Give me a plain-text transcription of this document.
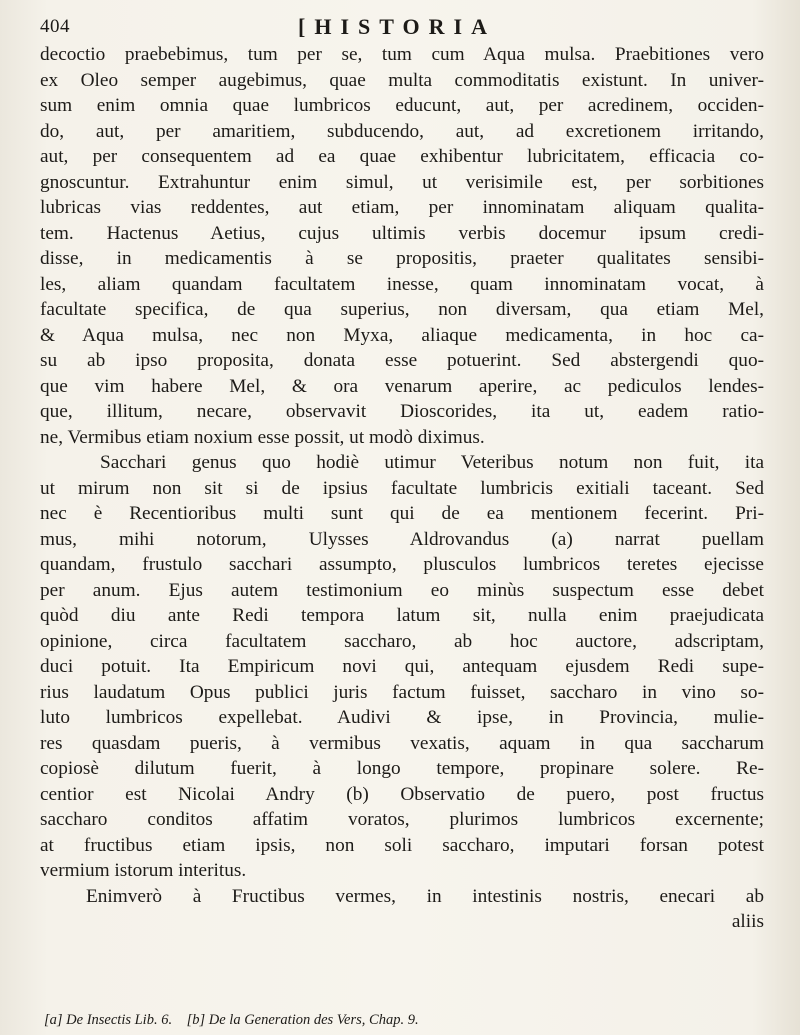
404	[HISTORIA
decoctio praebebimus, tum per se, tum cum Aqua mulsa. Praebitiones vero
ex Oleo semper augebimus, quae multa commoditatis existunt. In univer-
sum enim omnia quae lumbricos educunt, aut, per acredinem, occiden-
do, aut, per amaritiem, subducendo, aut, ad excretionem irritando,
aut, per consequentem ad ea quae exhibentur lubricitatem, efficacia co-
gnoscuntur. Extrahuntur enim simul, ut verisimile est, per sorbitiones
lubricas vias reddentes, aut etiam, per innominatam aliquam qualita-
tem. Hactenus Aetius, cujus ultimis verbis docemur ipsum credi-
disse, in medicamentis à se propositis, praeter qualitates sensibi-
les, aliam quandam facultatem inesse, quam innominatam vocat, à
facultate specifica, de qua superius, non diversam, qua etiam Mel,
& Aqua mulsa, nec non Myxa, aliaque medicamenta, in hoc ca-
su ab ipso proposita, donata esse potuerint. Sed abstergendi quo-
que vim habere Mel, & ora venarum aperire, ac pediculos lendes-
que, illitum, necare, observavit Dioscorides, ita ut, eadem ratio-
ne, Vermibus etiam noxium esse possit, ut modò diximus.
Sacchari genus quo hodiè utimur Veteribus notum non fuit, ita
ut mirum non sit si de ipsius facultate lumbricis exitiali taceant. Sed
nec è Recentioribus multi sunt qui de ea mentionem fecerint. Pri-
mus, mihi notorum, Ulysses Aldrovandus (a) narrat puellam
quandam, frustulo sacchari assumpto, plusculos lumbricos teretes ejecisse
per anum. Ejus autem testimonium eo minùs suspectum esse debet
quòd diu ante Redi tempora latum sit, nulla enim praejudicata
opinione, circa facultatem saccharo, ab hoc auctore, adscriptam,
duci potuit. Ita Empiricum novi qui, antequam ejusdem Redi supe-
rius laudatum Opus publici juris factum fuisset, saccharo in vino so-
luto lumbricos expellebat. Audivi & ipse, in Provincia, mulie-
res quasdam pueris, à vermibus vexatis, aquam in qua saccharum
copiosè dilutum fuerit, à longo tempore, propinare solere. Re-
centior est Nicolai Andry (b) Observatio de puero, post fructus
saccharo conditos affatim voratos, plurimos lumbricos excernente;
at fructibus etiam ipsis, non soli saccharo, imputari forsan potest
vermium istorum interitus.
Enimverò à Fructibus vermes, in intestinis nostris, enecari ab
aliis
[a] De Insectis Lib. 6. [b] De la Generation des Vers, Chap. 9.
